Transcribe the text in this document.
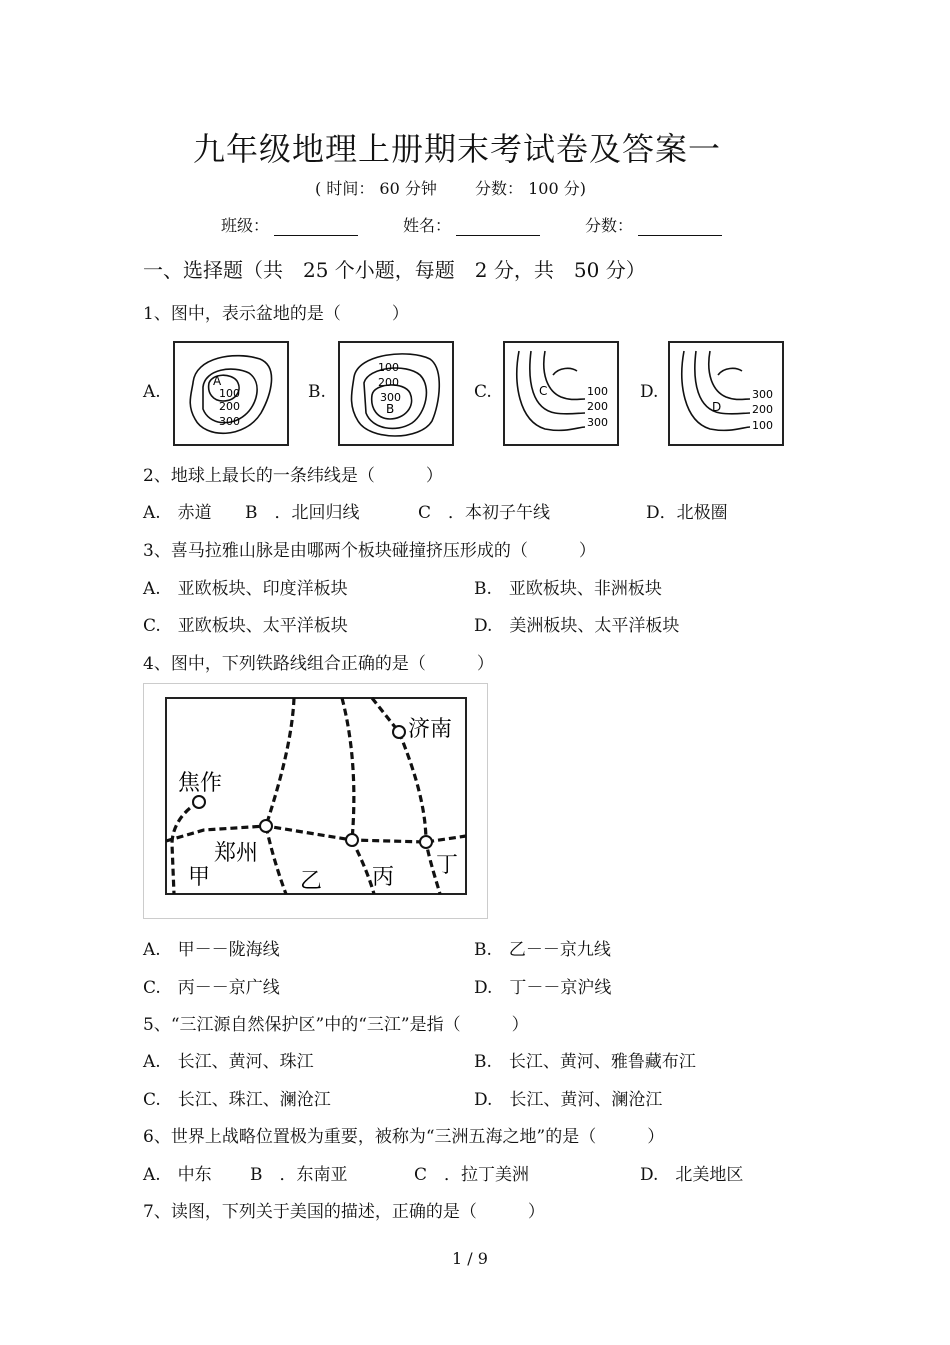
九年级地理上册期末考试卷及答案一
( 时间： 60 分钟 分数： 100 分)
班级：	姓名：	分数：
一、选择题（共　25 个小题，每题　2 分，共　50 分）
1、图中，表示盆地的是（　　　）
A.	B.	C.	D.
A
100
200
300
100
200
300
B
C	100
200
300
D
300
200
100
2、地球上最长的一条纬线是（　　　）
A.　赤道 B　．北回归线	C　．本初子午线	D．北极圈
3、喜马拉雅山脉是由哪两个板块碰撞挤压形成的（　　　）
A.　亚欧板块、印度洋板块	B.　亚欧板块、非洲板块
C.　亚欧板块、太平洋板块	D.　美洲板块、太平洋板块
4、图中，下列铁路线组合正确的是（　　　）
济南
焦作
郑州
甲	乙 丙 丁
A.　甲－－陇海线	B.　乙－－京九线
C.　丙－－京广线	D.　丁－－京沪线
5、“三江源自然保护区”中的“三江”是指（　　　）
A.　长江、黄河、珠江	B.　长江、黄河、雅鲁藏布江
C.　长江、珠江、澜沧江	D.　长江、黄河、澜沧江
6、世界上战略位置极为重要，被称为“三洲五海之地”的是（　　　）
A.　中东 B　．东南亚	C　．拉丁美洲	D.　北美地区
7、读图，下列关于美国的描述，正确的是（　　　）
1 / 9
